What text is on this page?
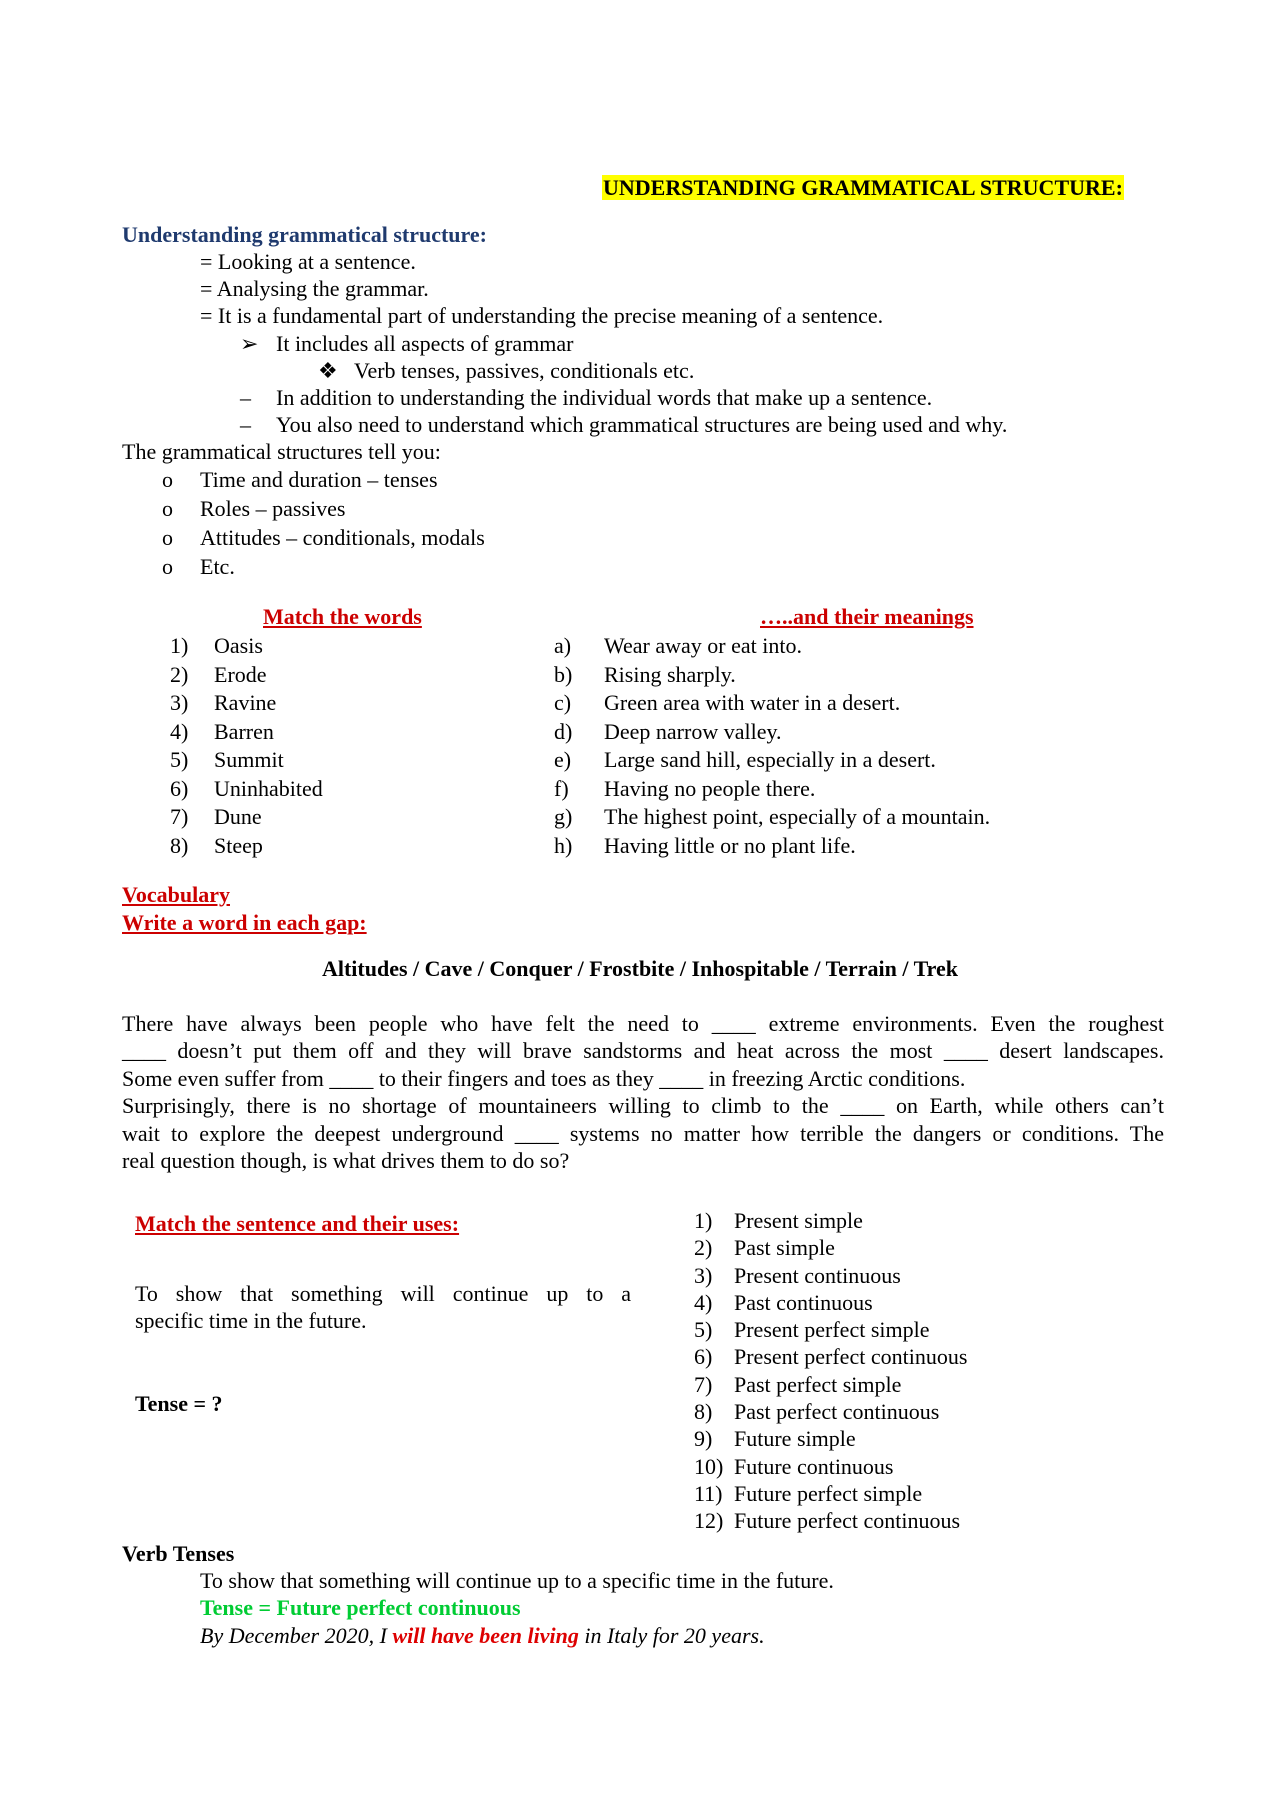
UNDERSTANDING GRAMMATICAL STRUCTURE:
Understanding grammatical structure:
= Looking at a sentence.
= Analysing the grammar.
= It is a fundamental part of understanding the precise meaning of a sentence.
➢ It includes all aspects of grammar
❖ Verb tenses, passives, conditionals etc.
– In addition to understanding the individual words that make up a sentence.
– You also need to understand which grammatical structures are being used and why.
The grammatical structures tell you:
o Time and duration – tenses
o Roles – passives
o Attitudes – conditionals, modals
o Etc.
Match the words	…..and their meanings
1) Oasis
2) Erode
3) Ravine
4) Barren
5) Summit
6) Uninhabited
7) Dune
8) Steep
a) Wear away or eat into.
b) Rising sharply.
c) Green area with water in a desert.
d) Deep narrow valley.
e) Large sand hill, especially in a desert.
f) Having no people there.
g) The highest point, especially of a mountain.
h) Having little or no plant life.
Vocabulary
Write a word in each gap:
Altitudes / Cave / Conquer / Frostbite / Inhospitable / Terrain / Trek
There have always been people who have felt the need to ____ extreme environments. Even the roughest
____ doesn’t put them off and they will brave sandstorms and heat across the most ____ desert landscapes.
Some even suffer from ____ to their fingers and toes as they ____ in freezing Arctic conditions.
Surprisingly, there is no shortage of mountaineers willing to climb to the ____ on Earth, while others can’t
wait to explore the deepest underground ____ systems no matter how terrible the dangers or conditions. The
real question though, is what drives them to do so?
Match the sentence and their uses:
To show that something will continue up to a
specific time in the future.
Tense = ?
1) Present simple
2) Past simple
3) Present continuous
4) Past continuous
5) Present perfect simple
6) Present perfect continuous
7) Past perfect simple
8) Past perfect continuous
9) Future simple
10) Future continuous
11) Future perfect simple
12) Future perfect continuous
Verb Tenses
To show that something will continue up to a specific time in the future.
Tense = Future perfect continuous
By December 2020, I will have been living in Italy for 20 years.
